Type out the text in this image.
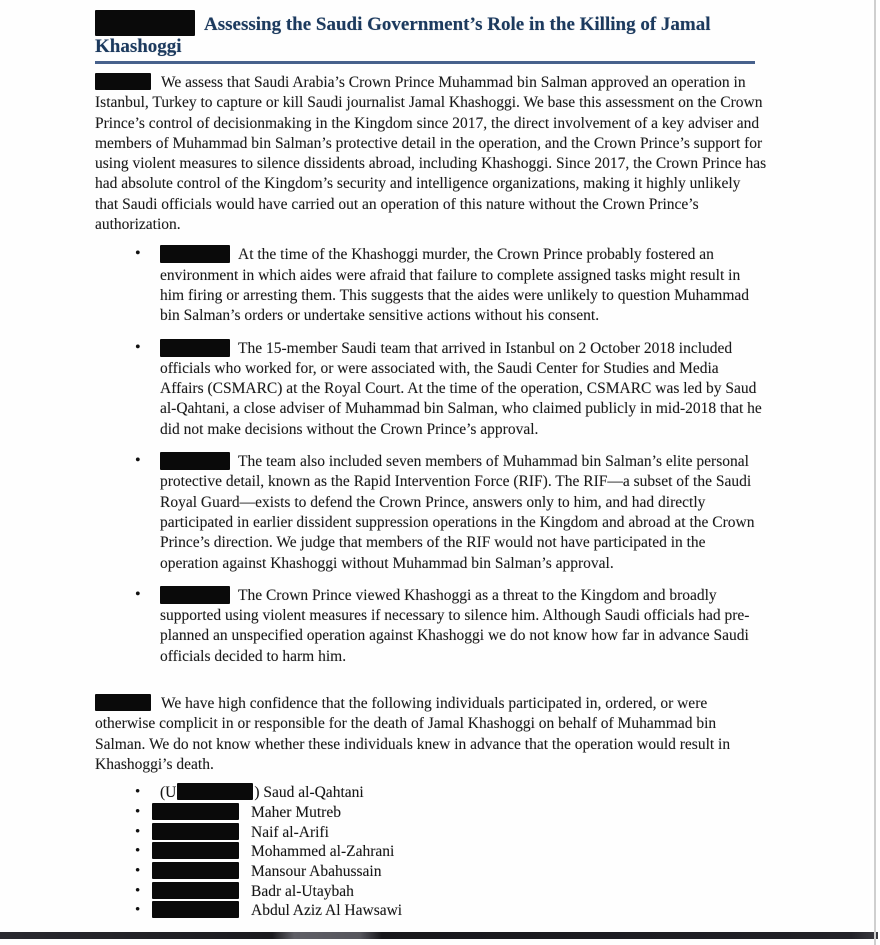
Assessing the Saudi Government’s Role in the Killing of Jamal Khashoggi

We assess that Saudi Arabia’s Crown Prince Muhammad bin Salman approved an operation in Istanbul, Turkey to capture or kill Saudi journalist Jamal Khashoggi. We base this assessment on the Crown Prince’s control of decisionmaking in the Kingdom since 2017, the direct involvement of a key adviser and members of Muhammad bin Salman’s protective detail in the operation, and the Crown Prince’s support for using violent measures to silence dissidents abroad, including Khashoggi. Since 2017, the Crown Prince has had absolute control of the Kingdom’s security and intelligence organizations, making it highly unlikely that Saudi officials would have carried out an operation of this nature without the Crown Prince’s authorization.

• At the time of the Khashoggi murder, the Crown Prince probably fostered an environment in which aides were afraid that failure to complete assigned tasks might result in him firing or arresting them. This suggests that the aides were unlikely to question Muhammad bin Salman’s orders or undertake sensitive actions without his consent.
• The 15-member Saudi team that arrived in Istanbul on 2 October 2018 included officials who worked for, or were associated with, the Saudi Center for Studies and Media Affairs (CSMARC) at the Royal Court. At the time of the operation, CSMARC was led by Saud al-Qahtani, a close adviser of Muhammad bin Salman, who claimed publicly in mid-2018 that he did not make decisions without the Crown Prince’s approval.
• The team also included seven members of Muhammad bin Salman’s elite personal protective detail, known as the Rapid Intervention Force (RIF). The RIF—a subset of the Saudi Royal Guard—exists to defend the Crown Prince, answers only to him, and had directly participated in earlier dissident suppression operations in the Kingdom and abroad at the Crown Prince’s direction. We judge that members of the RIF would not have participated in the operation against Khashoggi without Muhammad bin Salman’s approval.
• The Crown Prince viewed Khashoggi as a threat to the Kingdom and broadly supported using violent measures if necessary to silence him. Although Saudi officials had pre-planned an unspecified operation against Khashoggi we do not know how far in advance Saudi officials decided to harm him.

We have high confidence that the following individuals participated in, ordered, or were otherwise complicit in or responsible for the death of Jamal Khashoggi on behalf of Muhammad bin Salman. We do not know whether these individuals knew in advance that the operation would result in Khashoggi’s death.

• (U	) Saud al-Qahtani
• Maher Mutreb
• Naif al-Arifi
• Mohammed al-Zahrani
• Mansour Abahussain
• Badr al-Utaybah
• Abdul Aziz Al Hawsawi
